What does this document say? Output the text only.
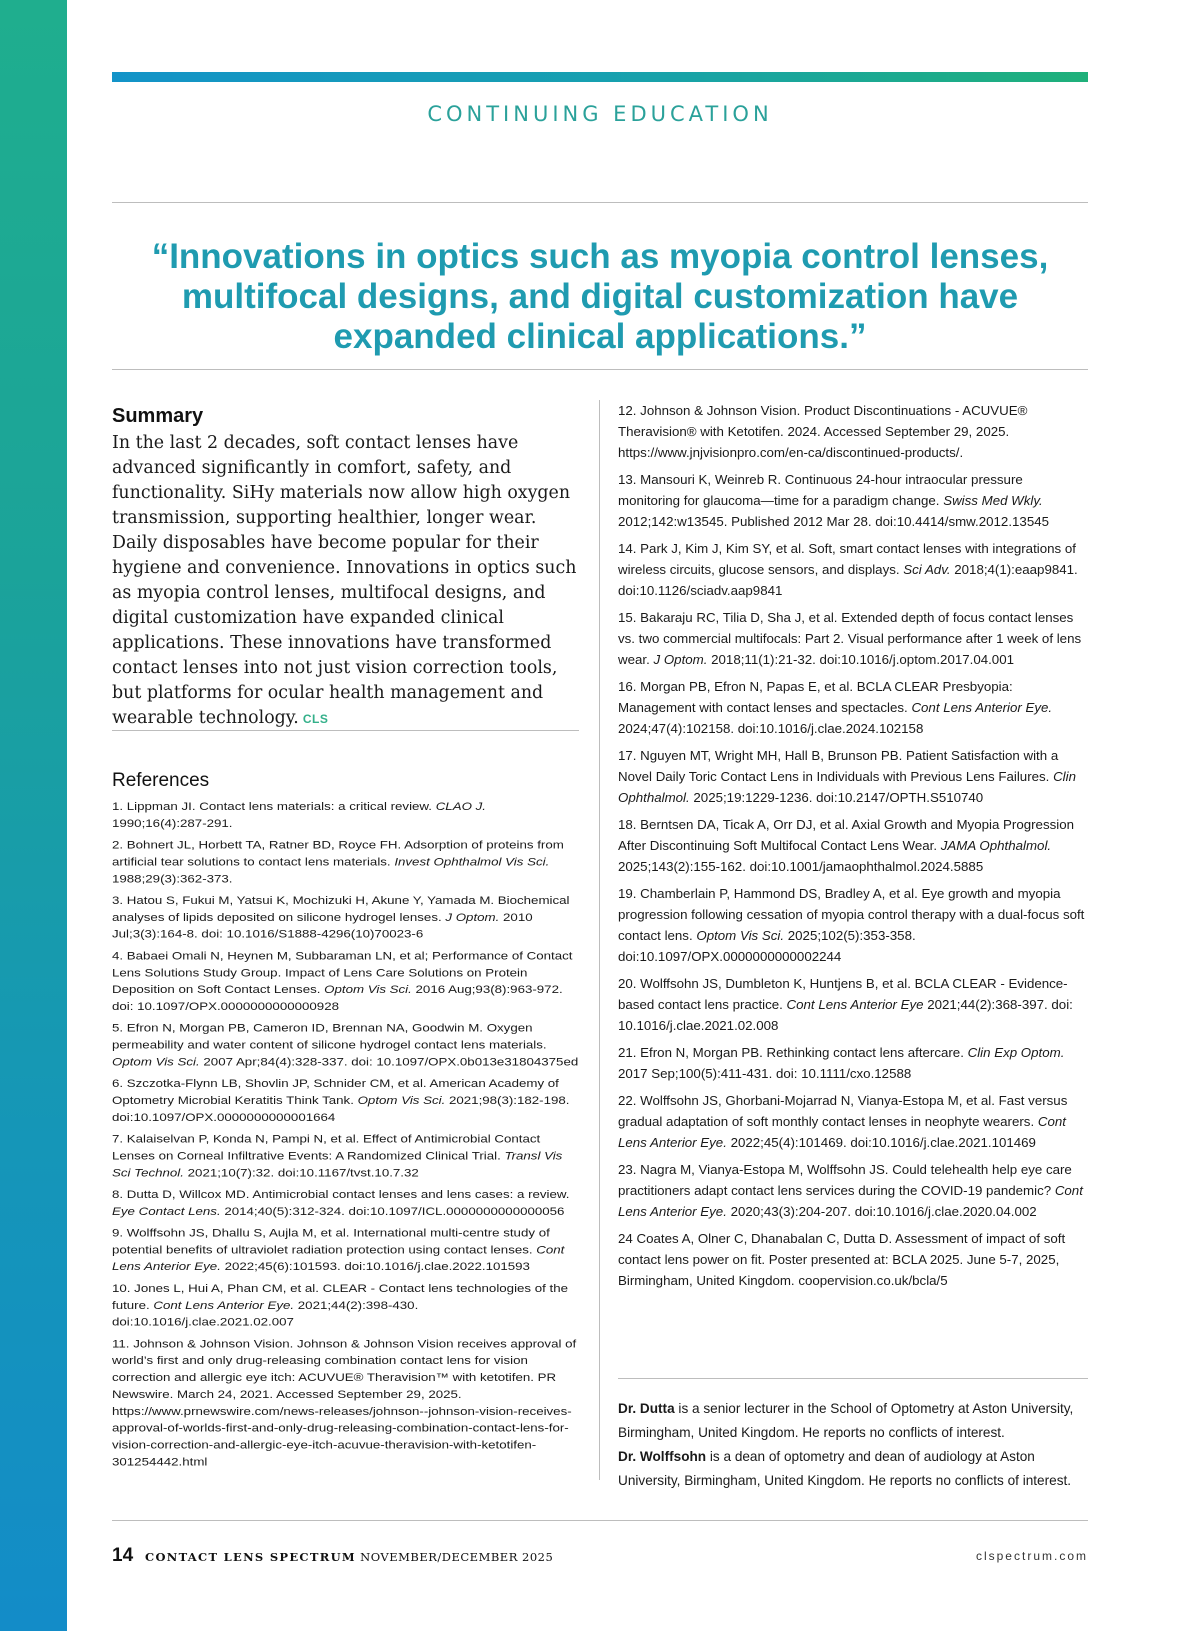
CONTINUING EDUCATION
“Innovations in optics such as myopia control lenses, multifocal designs, and digital customization have expanded clinical applications.”
Summary
In the last 2 decades, soft contact lenses have advanced significantly in comfort, safety, and functionality. SiHy materials now allow high oxygen transmission, supporting healthier, longer wear. Daily disposables have become popular for their hygiene and convenience. Innovations in optics such as myopia control lenses, multifocal designs, and digital customization have expanded clinical applications. These innovations have transformed contact lenses into not just vision correction tools, but platforms for ocular health management and wearable technology. CLS
References
1. Lippman JI. Contact lens materials: a critical review. CLAO J. 1990;16(4):287-291.
2. Bohnert JL, Horbett TA, Ratner BD, Royce FH. Adsorption of proteins from artificial tear solutions to contact lens materials. Invest Ophthalmol Vis Sci. 1988;29(3):362-373.
3. Hatou S, Fukui M, Yatsui K, Mochizuki H, Akune Y, Yamada M. Biochemical analyses of lipids deposited on silicone hydrogel lenses. J Optom. 2010 Jul;3(3):164-8. doi: 10.1016/S1888-4296(10)70023-6
4. Babaei Omali N, Heynen M, Subbaraman LN, et al; Performance of Contact Lens Solutions Study Group. Impact of Lens Care Solutions on Protein Deposition on Soft Contact Lenses. Optom Vis Sci. 2016 Aug;93(8):963-972. doi: 10.1097/OPX.0000000000000928
5. Efron N, Morgan PB, Cameron ID, Brennan NA, Goodwin M. Oxygen permeability and water content of silicone hydrogel contact lens materials. Optom Vis Sci. 2007 Apr;84(4):328-337. doi: 10.1097/OPX.0b013e31804375ed
6. Szczotka-Flynn LB, Shovlin JP, Schnider CM, et al. American Academy of Optometry Microbial Keratitis Think Tank. Optom Vis Sci. 2021;98(3):182-198. doi:10.1097/OPX.0000000000001664
7. Kalaiselvan P, Konda N, Pampi N, et al. Effect of Antimicrobial Contact Lenses on Corneal Infiltrative Events: A Randomized Clinical Trial. Transl Vis Sci Technol. 2021;10(7):32. doi:10.1167/tvst.10.7.32
8. Dutta D, Willcox MD. Antimicrobial contact lenses and lens cases: a review. Eye Contact Lens. 2014;40(5):312-324. doi:10.1097/ICL.0000000000000056
9. Wolffsohn JS, Dhallu S, Aujla M, et al. International multi-centre study of potential benefits of ultraviolet radiation protection using contact lenses. Cont Lens Anterior Eye. 2022;45(6):101593. doi:10.1016/j.clae.2022.101593
10. Jones L, Hui A, Phan CM, et al. CLEAR - Contact lens technologies of the future. Cont Lens Anterior Eye. 2021;44(2):398-430. doi:10.1016/j.clae.2021.02.007
11. Johnson & Johnson Vision. Johnson & Johnson Vision receives approval of world’s first and only drug-releasing combination contact lens for vision correction and allergic eye itch: ACUVUE® Theravision™ with ketotifen. PR Newswire. March 24, 2021. Accessed September 29, 2025. https://www.prnewswire.com/news-releases/johnson--johnson-vision-receives-approval-of-worlds-first-and-only-drug-releasing-combination-contact-lens-for-vision-correction-and-allergic-eye-itch-acuvue-theravision-with-ketotifen-301254442.html
12. Johnson & Johnson Vision. Product Discontinuations - ACUVUE® Theravision® with Ketotifen. 2024. Accessed September 29, 2025. https://www.jnjvisionpro.com/en-ca/discontinued-products/.
13. Mansouri K, Weinreb R. Continuous 24-hour intraocular pressure monitoring for glaucoma—time for a paradigm change. Swiss Med Wkly. 2012;142:w13545. Published 2012 Mar 28. doi:10.4414/smw.2012.13545
14. Park J, Kim J, Kim SY, et al. Soft, smart contact lenses with integrations of wireless circuits, glucose sensors, and displays. Sci Adv. 2018;4(1):eaap9841. doi:10.1126/sciadv.aap9841
15. Bakaraju RC, Tilia D, Sha J, et al. Extended depth of focus contact lenses vs. two commercial multifocals: Part 2. Visual performance after 1 week of lens wear. J Optom. 2018;11(1):21-32. doi:10.1016/j.optom.2017.04.001
16. Morgan PB, Efron N, Papas E, et al. BCLA CLEAR Presbyopia: Management with contact lenses and spectacles. Cont Lens Anterior Eye. 2024;47(4):102158. doi:10.1016/j.clae.2024.102158
17. Nguyen MT, Wright MH, Hall B, Brunson PB. Patient Satisfaction with a Novel Daily Toric Contact Lens in Individuals with Previous Lens Failures. Clin Ophthalmol. 2025;19:1229-1236. doi:10.2147/OPTH.S510740
18. Berntsen DA, Ticak A, Orr DJ, et al. Axial Growth and Myopia Progression After Discontinuing Soft Multifocal Contact Lens Wear. JAMA Ophthalmol. 2025;143(2):155-162. doi:10.1001/jamaophthalmol.2024.5885
19. Chamberlain P, Hammond DS, Bradley A, et al. Eye growth and myopia progression following cessation of myopia control therapy with a dual-focus soft contact lens. Optom Vis Sci. 2025;102(5):353-358. doi:10.1097/OPX.0000000000002244
20. Wolffsohn JS, Dumbleton K, Huntjens B, et al. BCLA CLEAR - Evidence-based contact lens practice. Cont Lens Anterior Eye 2021;44(2):368-397. doi: 10.1016/j.clae.2021.02.008
21. Efron N, Morgan PB. Rethinking contact lens aftercare. Clin Exp Optom. 2017 Sep;100(5):411-431. doi: 10.1111/cxo.12588
22. Wolffsohn JS, Ghorbani-Mojarrad N, Vianya-Estopa M, et al. Fast versus gradual adaptation of soft monthly contact lenses in neophyte wearers. Cont Lens Anterior Eye. 2022;45(4):101469. doi:10.1016/j.clae.2021.101469
23. Nagra M, Vianya-Estopa M, Wolffsohn JS. Could telehealth help eye care practitioners adapt contact lens services during the COVID-19 pandemic? Cont Lens Anterior Eye. 2020;43(3):204-207. doi:10.1016/j.clae.2020.04.002
24 Coates A, Olner C, Dhanabalan C, Dutta D. Assessment of impact of soft contact lens power on fit. Poster presented at: BCLA 2025. June 5-7, 2025, Birmingham, United Kingdom. coopervision.co.uk/bcla/5
Dr. Dutta is a senior lecturer in the School of Optometry at Aston University, Birmingham, United Kingdom. He reports no conflicts of interest.
Dr. Wolffsohn is a dean of optometry and dean of audiology at Aston University, Birmingham, United Kingdom. He reports no conflicts of interest.
14 CONTACT LENS SPECTRUM NOVEMBER/DECEMBER 2025	clspectrum.com
